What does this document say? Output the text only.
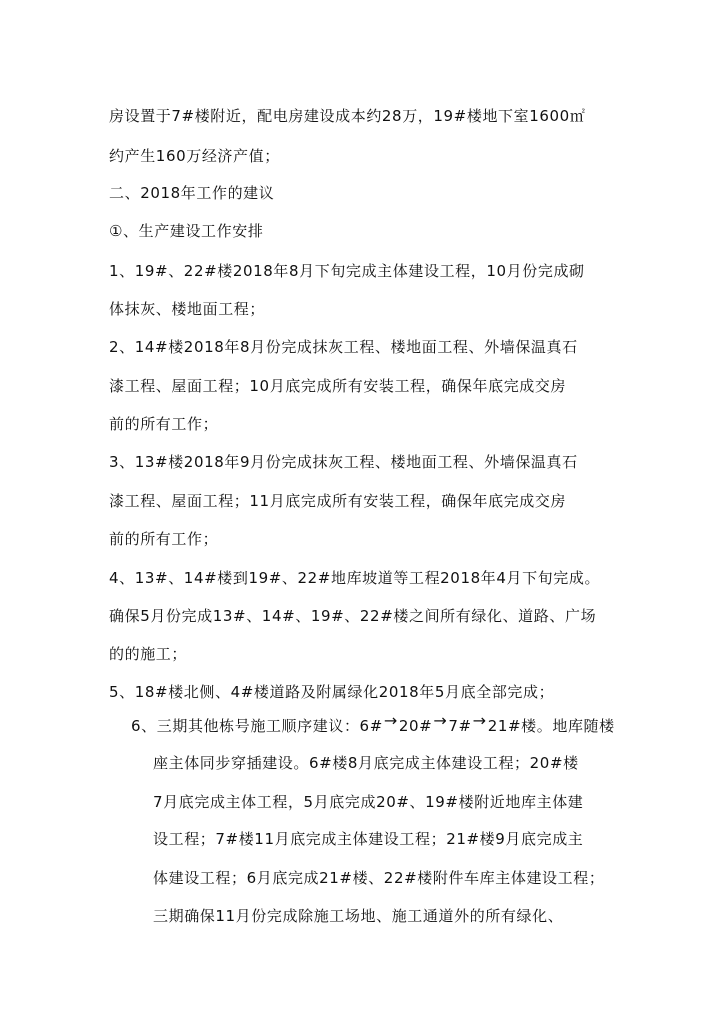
房设置于7#楼附近，配电房建设成本约28万，19#楼地下室1600㎡
约产生160万经济产值；
二、2018年工作的建议
①、生产建设工作安排
1、19#、22#楼2018年8月下旬完成主体建设工程，10月份完成砌
体抹灰、楼地面工程；
2、14#楼2018年8月份完成抹灰工程、楼地面工程、外墙保温真石
漆工程、屋面工程；10月底完成所有安装工程，确保年底完成交房
前的所有工作；
3、13#楼2018年9月份完成抹灰工程、楼地面工程、外墙保温真石
漆工程、屋面工程；11月底完成所有安装工程，确保年底完成交房
前的所有工作；
4、13#、14#楼到19#、22#地库坡道等工程2018年4月下旬完成。
确保5月份完成13#、14#、19#、22#楼之间所有绿化、道路、广场
的的施工；
5、18#楼北侧、4#楼道路及附属绿化2018年5月底全部完成；
6、三期其他栋号施工顺序建议：6#→20#→7#→21#楼。地库随楼
座主体同步穿插建设。6#楼8月底完成主体建设工程；20#楼
7月底完成主体工程，5月底完成20#、19#楼附近地库主体建
设工程；7#楼11月底完成主体建设工程；21#楼9月底完成主
体建设工程；6月底完成21#楼、22#楼附件车库主体建设工程；
三期确保11月份完成除施工场地、施工通道外的所有绿化、
